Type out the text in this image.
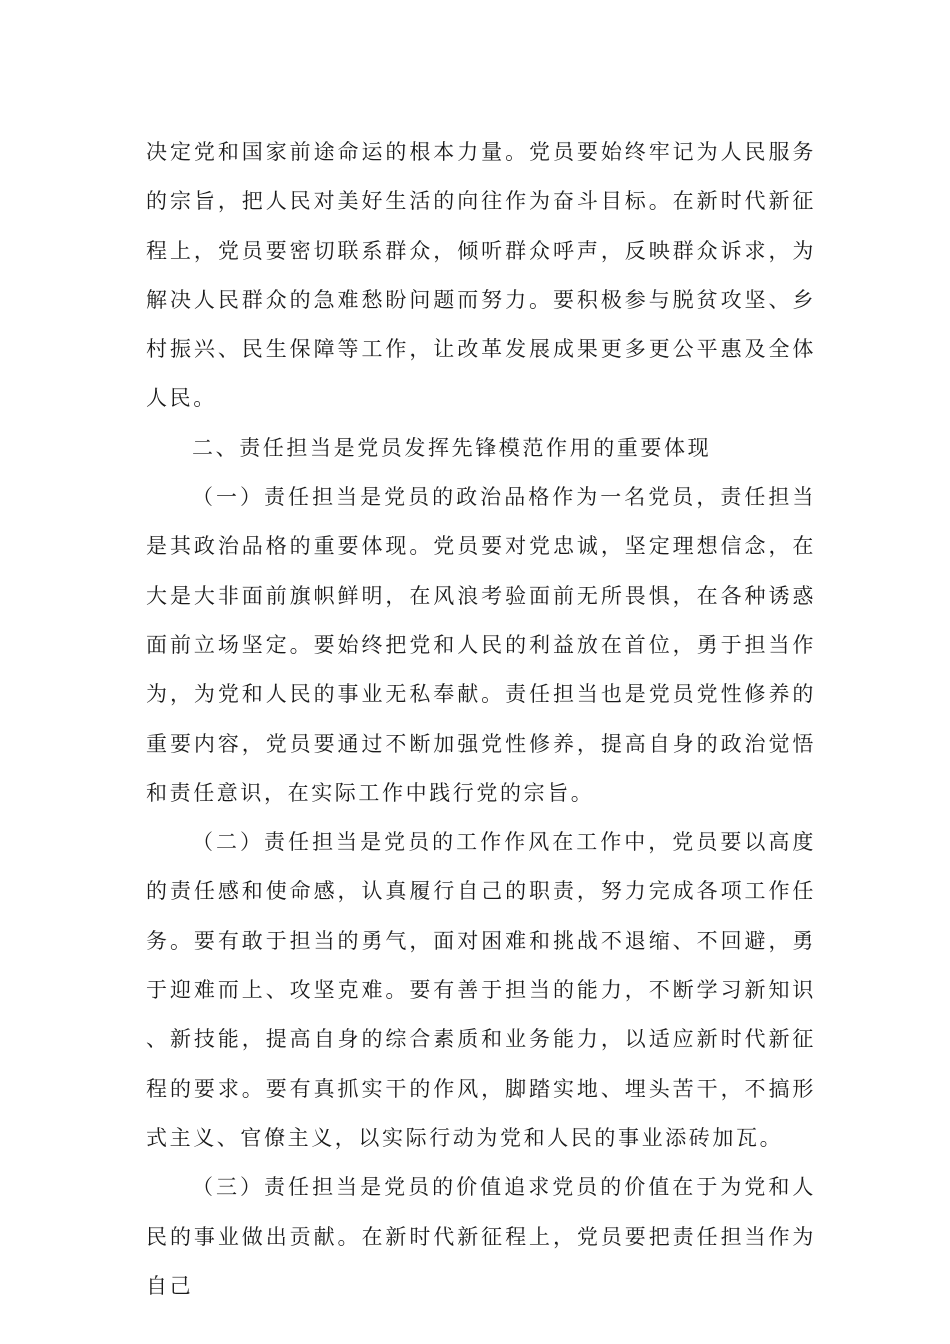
决定党和国家前途命运的根本力量。党员要始终牢记为人民服务的宗旨，把人民对美好生活的向往作为奋斗目标。在新时代新征程上，党员要密切联系群众，倾听群众呼声，反映群众诉求，为解决人民群众的急难愁盼问题而努力。要积极参与脱贫攻坚、乡村振兴、民生保障等工作，让改革发展成果更多更公平惠及全体人民。

二、责任担当是党员发挥先锋模范作用的重要体现

（一）责任担当是党员的政治品格作为一名党员，责任担当是其政治品格的重要体现。党员要对党忠诚，坚定理想信念，在大是大非面前旗帜鲜明，在风浪考验面前无所畏惧，在各种诱惑面前立场坚定。要始终把党和人民的利益放在首位，勇于担当作为，为党和人民的事业无私奉献。责任担当也是党员党性修养的重要内容，党员要通过不断加强党性修养，提高自身的政治觉悟和责任意识，在实际工作中践行党的宗旨。

（二）责任担当是党员的工作作风在工作中，党员要以高度的责任感和使命感，认真履行自己的职责，努力完成各项工作任务。要有敢于担当的勇气，面对困难和挑战不退缩、不回避，勇于迎难而上、攻坚克难。要有善于担当的能力，不断学习新知识、新技能，提高自身的综合素质和业务能力，以适应新时代新征程的要求。要有真抓实干的作风，脚踏实地、埋头苦干，不搞形式主义、官僚主义，以实际行动为党和人民的事业添砖加瓦。

（三）责任担当是党员的价值追求党员的价值在于为党和人民的事业做出贡献。在新时代新征程上，党员要把责任担当作为自己
